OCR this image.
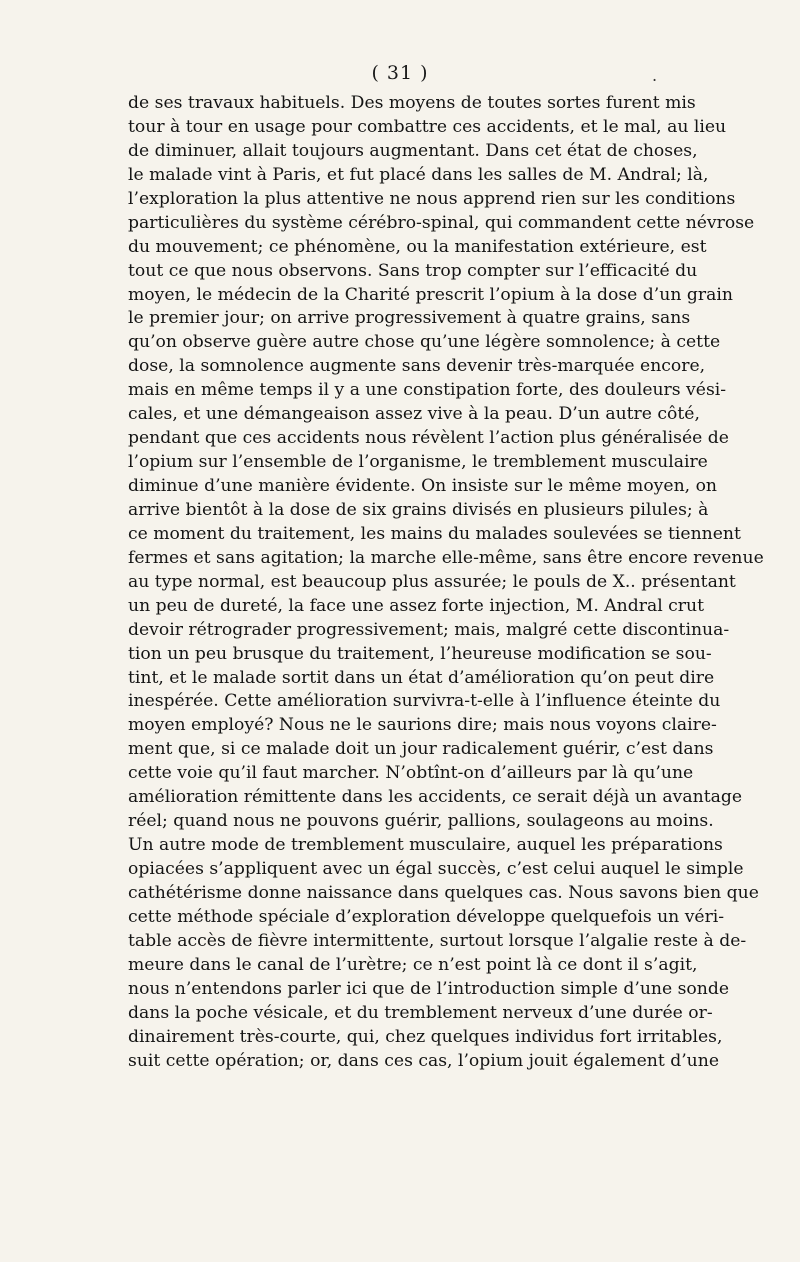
( 31 )	.
de ses travaux habituels. Des moyens de toutes sortes furent mis
tour à tour en usage pour combattre ces accidents, et le mal, au lieu
de diminuer, allait toujours augmentant. Dans cet état de choses,
le malade vint à Paris, et fut placé dans les salles de M. Andral; là,
l’exploration la plus attentive ne nous apprend rien sur les conditions
particulières du système cérébro-spinal, qui commandent cette névrose
du mouvement; ce phénomène, ou la manifestation extérieure, est
tout ce que nous observons. Sans trop compter sur l’efficacité du
moyen, le médecin de la Charité prescrit l’opium à la dose d’un grain
le premier jour; on arrive progressivement à quatre grains, sans
qu’on observe guère autre chose qu’une légère somnolence; à cette
dose, la somnolence augmente sans devenir très-marquée encore,
mais en même temps il y a une constipation forte, des douleurs vési-
cales, et une démangeaison assez vive à la peau. D’un autre côté,
pendant que ces accidents nous révèlent l’action plus généralisée de
l’opium sur l’ensemble de l’organisme, le tremblement musculaire
diminue d’une manière évidente. On insiste sur le même moyen, on
arrive bientôt à la dose de six grains divisés en plusieurs pilules; à
ce moment du traitement, les mains du malades soulevées se tiennent
fermes et sans agitation; la marche elle-même, sans être encore revenue
au type normal, est beaucoup plus assurée; le pouls de X.. présentant
un peu de dureté, la face une assez forte injection, M. Andral crut
devoir rétrograder progressivement; mais, malgré cette discontinua-
tion un peu brusque du traitement, l’heureuse modification se sou-
tint, et le malade sortit dans un état d’amélioration qu’on peut dire
inespérée. Cette amélioration survivra-t-elle à l’influence éteinte du
moyen employé? Nous ne le saurions dire; mais nous voyons claire-
ment que, si ce malade doit un jour radicalement guérir, c’est dans
cette voie qu’il faut marcher. N’obtînt-on d’ailleurs par là qu’une
amélioration rémittente dans les accidents, ce serait déjà un avantage
réel; quand nous ne pouvons guérir, pallions, soulageons au moins.
Un autre mode de tremblement musculaire, auquel les préparations
opiacées s’appliquent avec un égal succès, c’est celui auquel le simple
cathétérisme donne naissance dans quelques cas. Nous savons bien que
cette méthode spéciale d’exploration développe quelquefois un véri-
table accès de fièvre intermittente, surtout lorsque l’algalie reste à de-
meure dans le canal de l’urètre; ce n’est point là ce dont il s’agit,
nous n’entendons parler ici que de l’introduction simple d’une sonde
dans la poche vésicale, et du tremblement nerveux d’une durée or-
dinairement très-courte, qui, chez quelques individus fort irritables,
suit cette opération; or, dans ces cas, l’opium jouit également d’une
